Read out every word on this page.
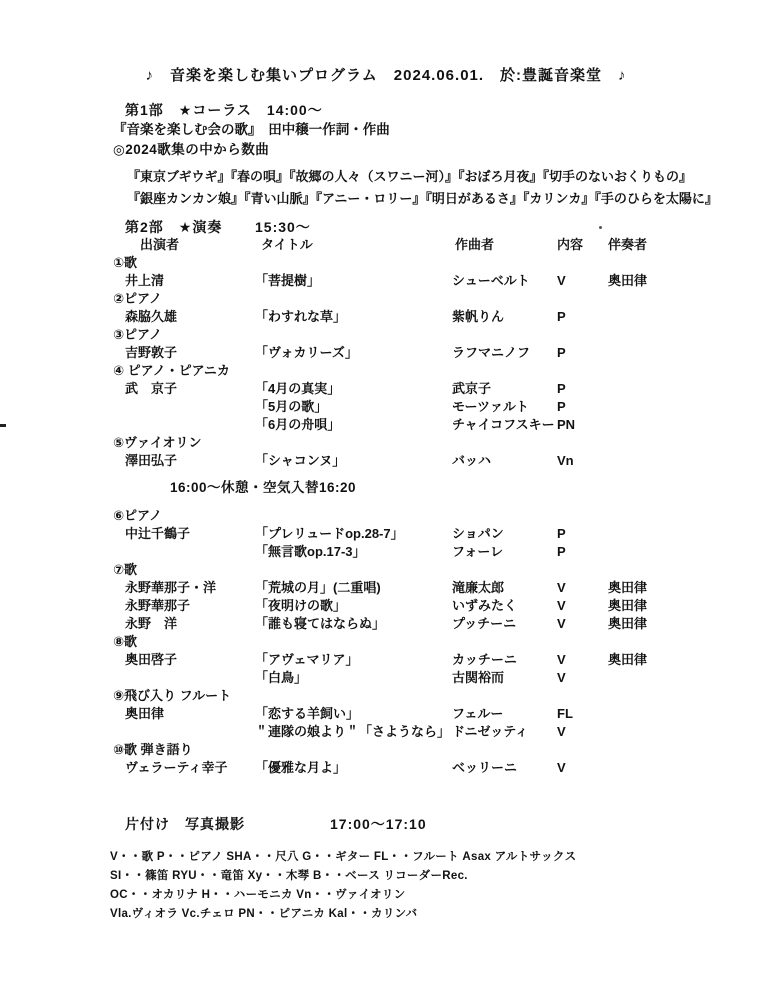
♪　音楽を楽しむ集いプログラム　2024.06.01.　於:豊誕音楽堂　♪
第1部　★コーラス　14:00～
『音楽を楽しむ会の歌』　田中穣一作詞・作曲
◎2024歌集の中から数曲
『東京ブギウギ』『春の唄』『故郷の人々（スワニー河）』『おぼろ月夜』『切手のないおくりもの』
『銀座カンカン娘』『青い山脈』『アニー・ロリー』『明日があるさ』『カリンカ』『手のひらを太陽に』
第2部　★演奏	15:30～
出演者	タイトル	作曲者	内容	伴奏者
①歌
井上清	「菩提樹」	シューベルト	V	奥田律
②ピアノ
森脇久雄	「わすれな草」	紫帆りん	P
③ピアノ
吉野敦子	「ヴォカリーズ」	ラフマニノフ	P
④ ピアノ・ピアニカ
武　京子	「4月の真実」	武京子	P
「5月の歌」	モーツァルト	P
「6月の舟唄」	チャイコフスキー PN
⑤ヴァイオリン
澤田弘子	「シャコンヌ」	バッハ	Vn
16:00～休憩・空気入替16:20
⑥ピアノ
中辻千鶴子	「プレリュードop.28-7」	ショパン	P
「無言歌op.17-3」	フォーレ	P
⑦歌
永野華那子・洋	「荒城の月」(二重唱)	滝廉太郎	V	奥田律
永野華那子	「夜明けの歌」	いずみたく	V	奥田律
永野　洋	「誰も寝てはならぬ」	プッチーニ	V	奥田律
⑧歌
奥田啓子	「アヴェマリア」	カッチーニ	V	奥田律
「白鳥」	古関裕而	V
⑨飛び入り フルート
奥田律	「恋する羊飼い」	フェルー	FL
＂連隊の娘より＂「さようなら」 ドニゼッティ	V
⑩歌 弾き語り
ヴェラーティ幸子	「優雅な月よ」	ベッリーニ	V
片付け　写真撮影	17:00～17:10
V・・歌 P・・ピアノ SHA・・尺八 G・・ギター FL・・フルート Asax アルトサックス
SI・・篠笛 RYU・・竜笛 Xy・・木琴 B・・ベース リコーダーRec.
OC・・オカリナ H・・ハーモニカ Vn・・ヴァイオリン
Vla.ヴィオラ Vc.チェロ PN・・ピアニカ Kal・・カリンバ
